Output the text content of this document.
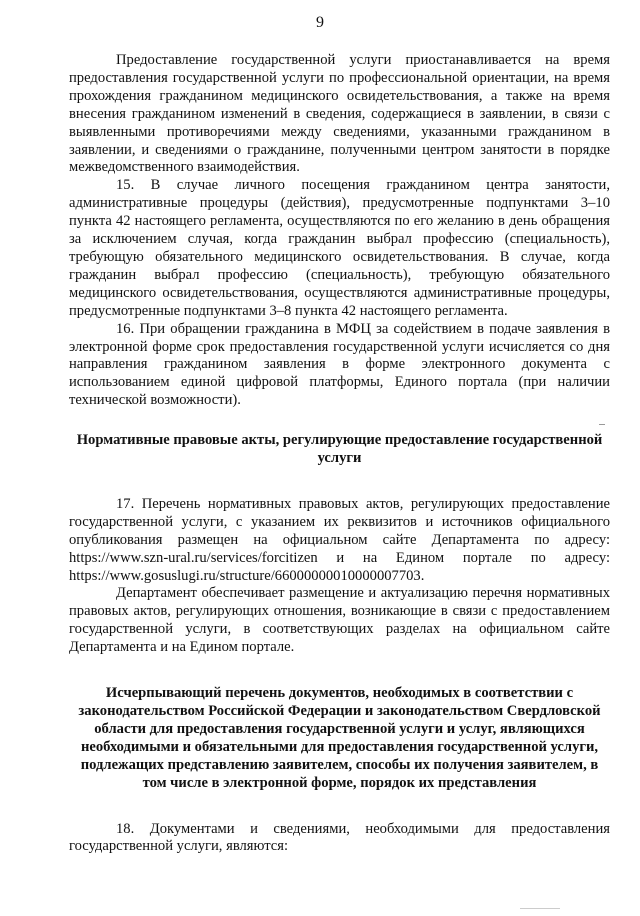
9

Предоставление государственной услуги приостанавливается на время предоставления государственной услуги по профессиональной ориентации, на время прохождения гражданином медицинского освидетельствования, а также на время внесения гражданином изменений в сведения, содержащиеся в заявлении, в связи с выявленными противоречиями между сведениями, указанными гражданином в заявлении, и сведениями о гражданине, полученными центром занятости в порядке межведомственного взаимодействия.

15. В случае личного посещения гражданином центра занятости, административные процедуры (действия), предусмотренные подпунктами 3–10 пункта 42 настоящего регламента, осуществляются по его желанию в день обращения за исключением случая, когда гражданин выбрал профессию (специальность), требующую обязательного медицинского освидетельствования. В случае, когда гражданин выбрал профессию (специальность), требующую обязательного медицинского освидетельствования, осуществляются административные процедуры, предусмотренные подпунктами 3–8 пункта 42 настоящего регламента.

16. При обращении гражданина в МФЦ за содействием в подаче заявления в электронной форме срок предоставления государственной услуги исчисляется со дня направления гражданином заявления в форме электронного документа с использованием единой цифровой платформы, Единого портала (при наличии технической возможности).

Нормативные правовые акты, регулирующие предоставление государственной услуги

17. Перечень нормативных правовых актов, регулирующих предоставление государственной услуги, с указанием их реквизитов и источников официального опубликования размещен на официальном сайте Департамента по адресу: https://www.szn-ural.ru/services/forcitizen и на Едином портале по адресу: https://www.gosuslugi.ru/structure/66000000010000007703.

Департамент обеспечивает размещение и актуализацию перечня нормативных правовых актов, регулирующих отношения, возникающие в связи с предоставлением государственной услуги, в соответствующих разделах на официальном сайте Департамента и на Едином портале.

Исчерпывающий перечень документов, необходимых в соответствии с законодательством Российской Федерации и законодательством Свердловской области для предоставления государственной услуги и услуг, являющихся необходимыми и обязательными для предоставления государственной услуги, подлежащих представлению заявителем, способы их получения заявителем, в том числе в электронной форме, порядок их представления

18. Документами и сведениями, необходимыми для предоставления государственной услуги, являются:
